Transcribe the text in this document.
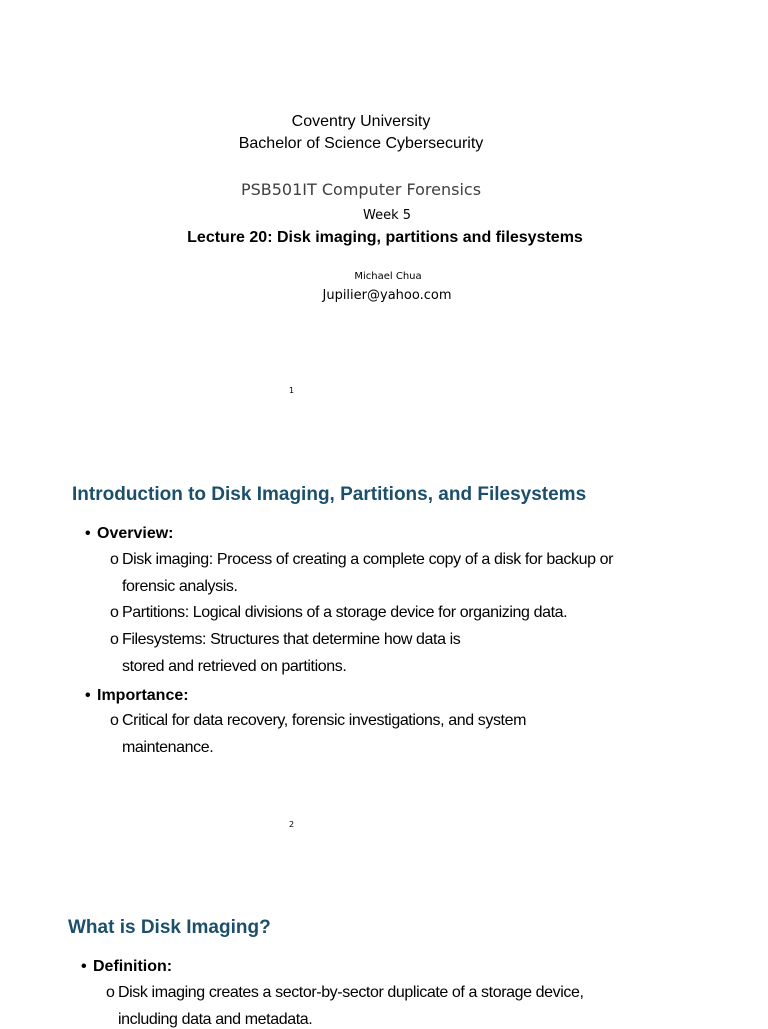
Coventry University
Bachelor of Science Cybersecurity
PSB501IT Computer Forensics
Week 5
Lecture 20: Disk imaging, partitions and filesystems
Michael Chua
Jupilier@yahoo.com
1
Introduction to Disk Imaging, Partitions, and Filesystems
• Overview:
o Disk imaging: Process of creating a complete copy of a disk for backup or
forensic analysis.
o Partitions: Logical divisions of a storage device for organizing data.
o Filesystems: Structures that determine how data is
stored and retrieved on partitions.
• Importance:
o Critical for data recovery, forensic investigations, and system
maintenance.
2
What is Disk Imaging?
• Definition:
o Disk imaging creates a sector-by-sector duplicate of a storage device,
including data and metadata.
